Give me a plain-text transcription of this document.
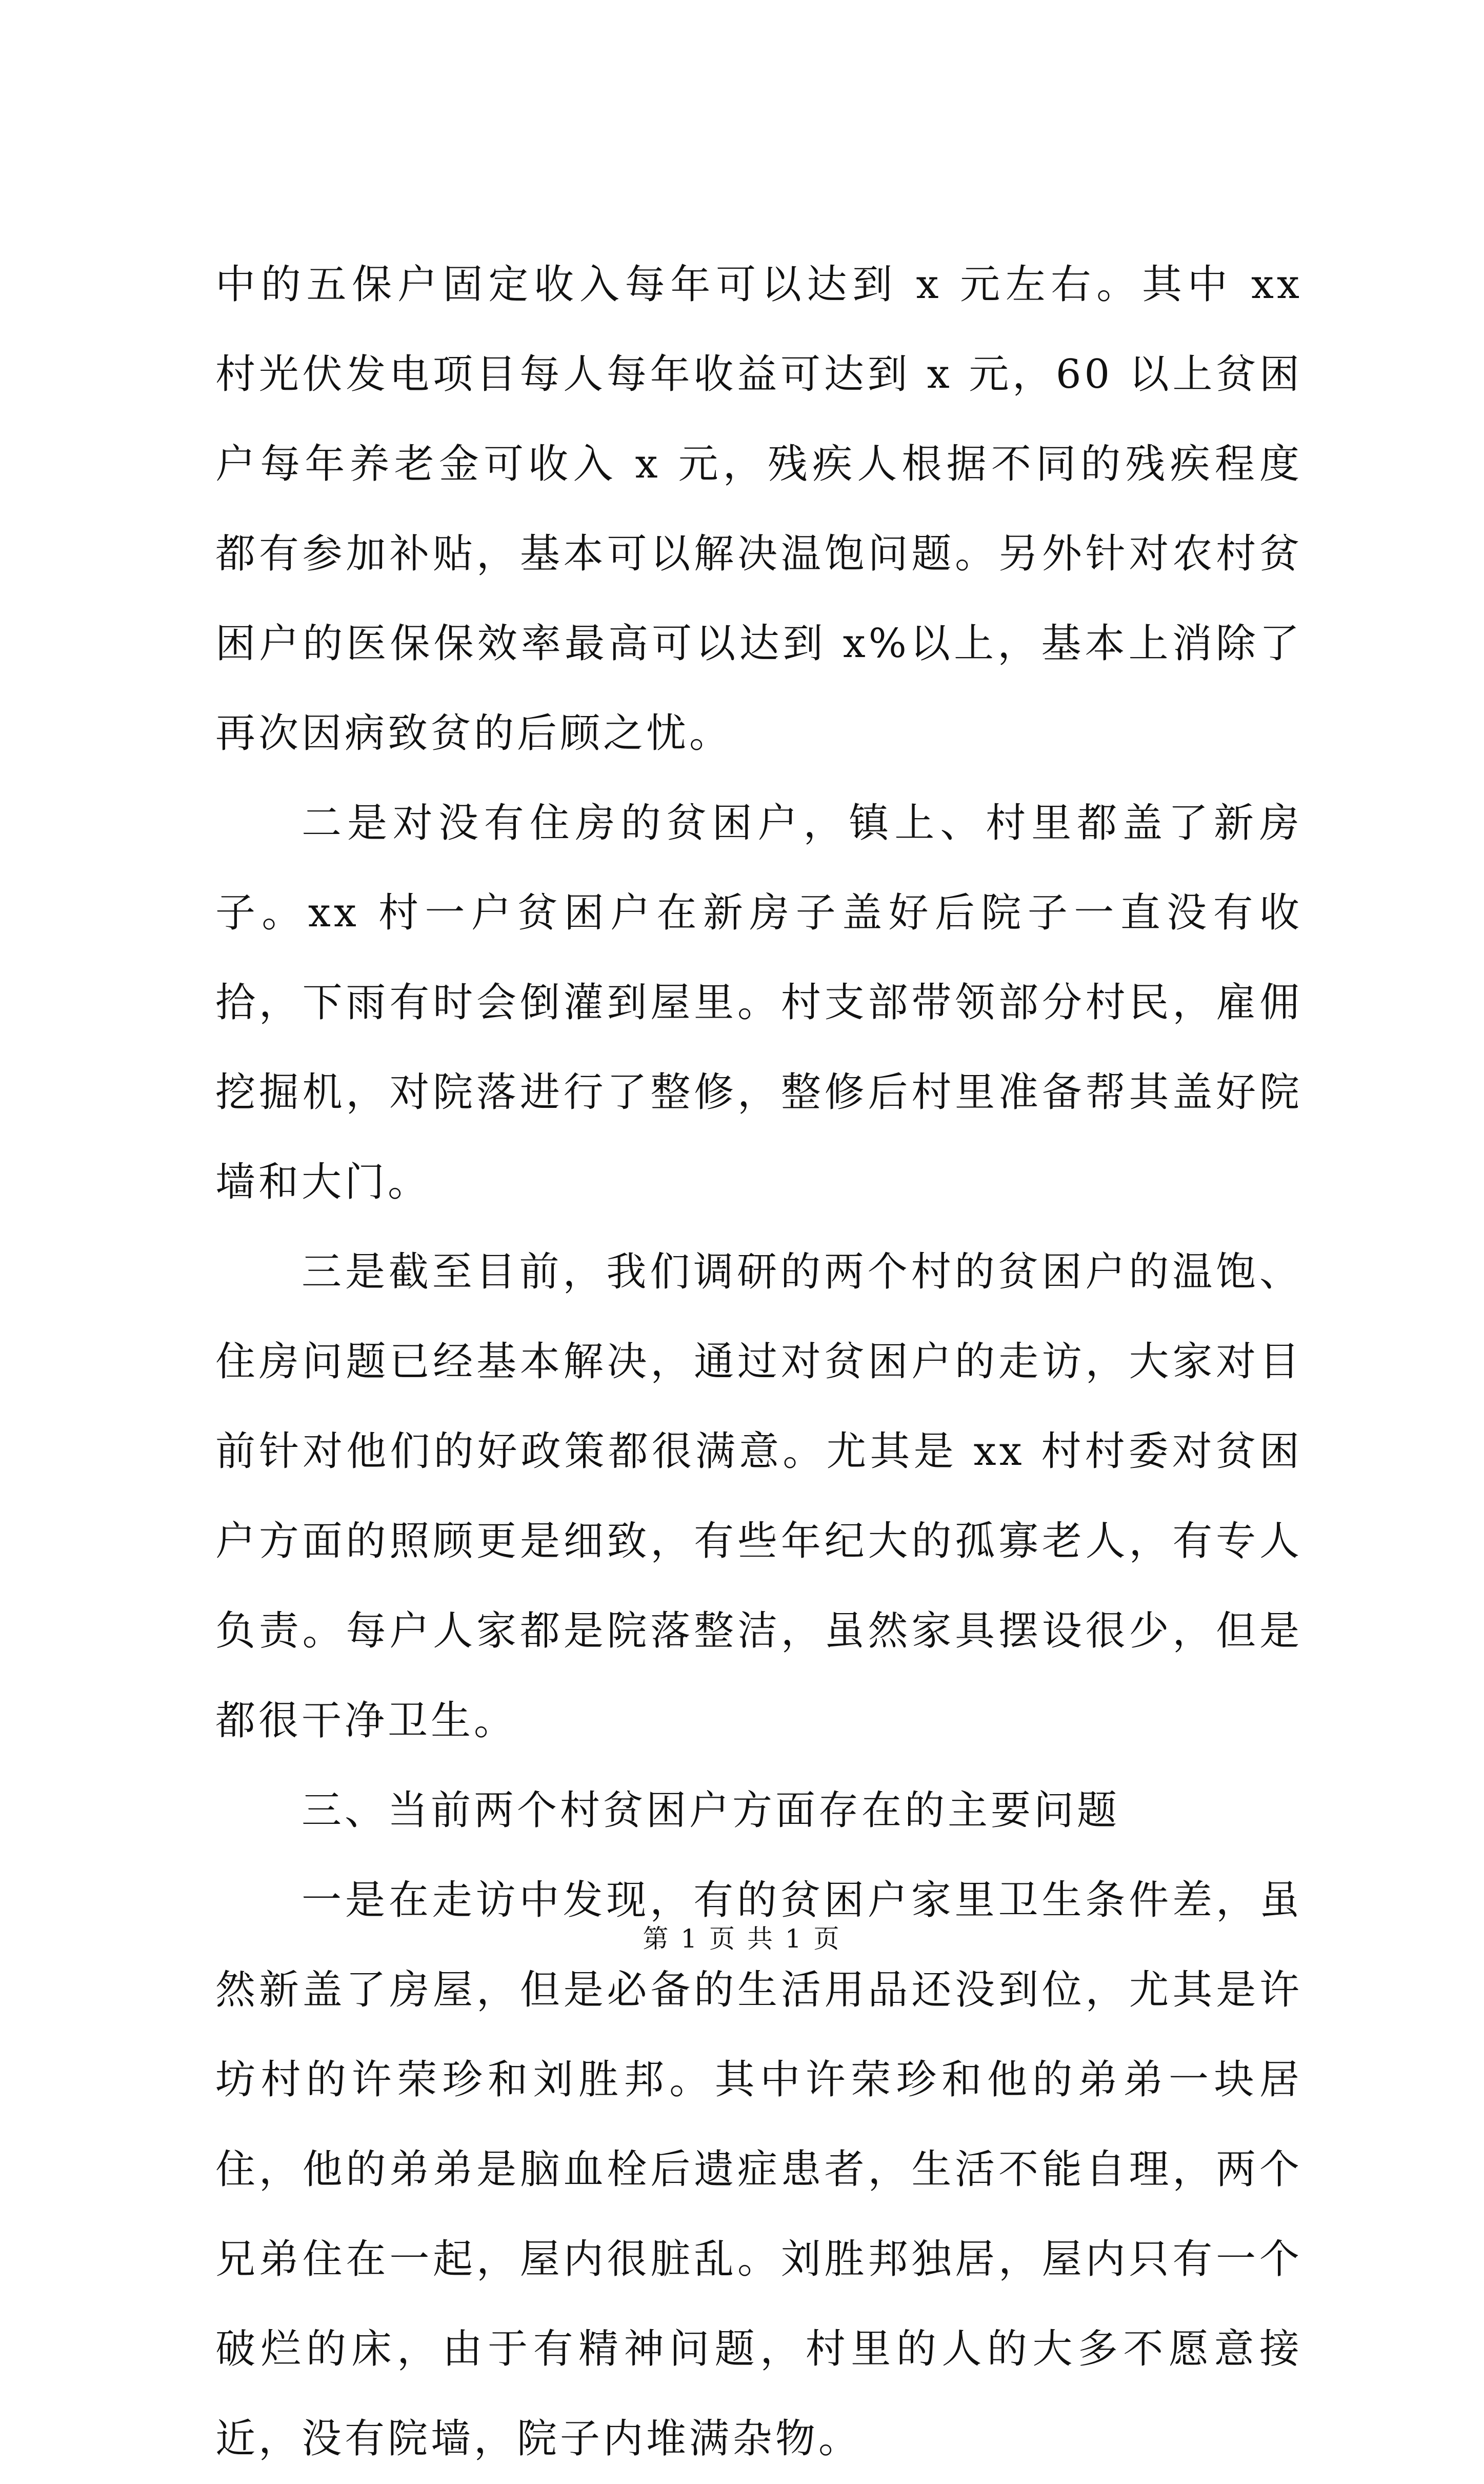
中的五保户固定收入每年可以达到 x 元左右。其中 xx 村光伏发电项目每人每年收益可达到 x 元，60 以上贫困户每年养老金可收入 x 元，残疾人根据不同的残疾程度都有参加补贴，基本可以解决温饱问题。另外针对农村贫困户的医保保效率最高可以达到 x%以上，基本上消除了再次因病致贫的后顾之忧。

二是对没有住房的贫困户，镇上、村里都盖了新房子。xx 村一户贫困户在新房子盖好后院子一直没有收拾，下雨有时会倒灌到屋里。村支部带领部分村民，雇佣挖掘机，对院落进行了整修，整修后村里准备帮其盖好院墙和大门。

三是截至目前，我们调研的两个村的贫困户的温饱、住房问题已经基本解决，通过对贫困户的走访，大家对目前针对他们的好政策都很满意。尤其是 xx 村村委对贫困户方面的照顾更是细致，有些年纪大的孤寡老人，有专人负责。每户人家都是院落整洁，虽然家具摆设很少，但是都很干净卫生。

三、当前两个村贫困户方面存在的主要问题

一是在走访中发现，有的贫困户家里卫生条件差，虽然新盖了房屋，但是必备的生活用品还没到位，尤其是许坊村的许荣珍和刘胜邦。其中许荣珍和他的弟弟一块居住，他的弟弟是脑血栓后遗症患者，生活不能自理，两个兄弟住在一起，屋内很脏乱。刘胜邦独居，屋内只有一个破烂的床，由于有精神问题，村里的人的大多不愿意接近，没有院墙，院子内堆满杂物。

第 1 页 共 1 页
